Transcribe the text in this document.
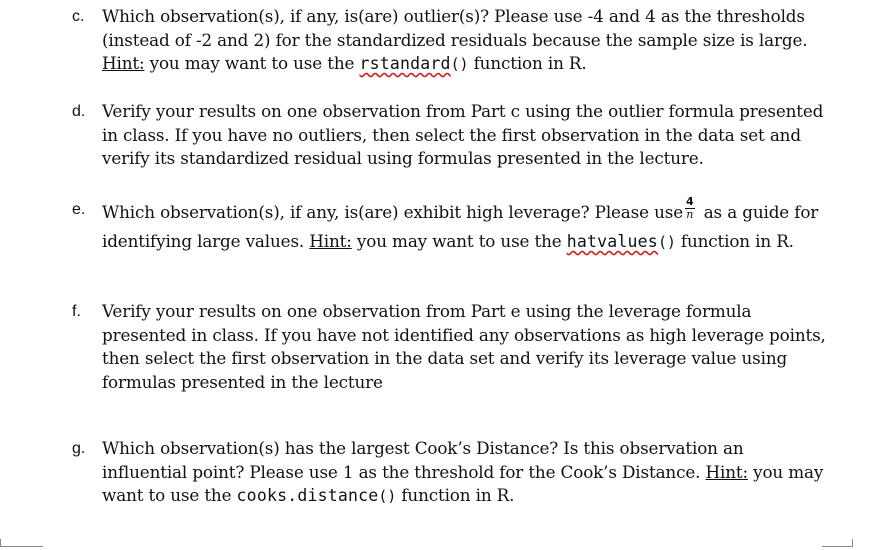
c. Which observation(s), if any, is(are) outlier(s)? Please use -4 and 4 as the thresholds (instead of -2 and 2) for the standardized residuals because the sample size is large. Hint: you may want to use the rstandard() function in R.
d. Verify your results on one observation from Part c using the outlier formula presented in class. If you have no outliers, then select the first observation in the data set and verify its standardized residual using formulas presented in the lecture.
e. Which observation(s), if any, is(are) exhibit high leverage? Please use $\frac{4}{n}$ as a guide for identifying large values. Hint: you may want to use the hatvalues() function in R.
f. Verify your results on one observation from Part e using the leverage formula presented in class. If you have not identified any observations as high leverage points, then select the first observation in the data set and verify its leverage value using formulas presented in the lecture
g. Which observation(s) has the largest Cook’s Distance? Is this observation an influential point? Please use 1 as the threshold for the Cook’s Distance. Hint: you may want to use the cooks.distance() function in R.
